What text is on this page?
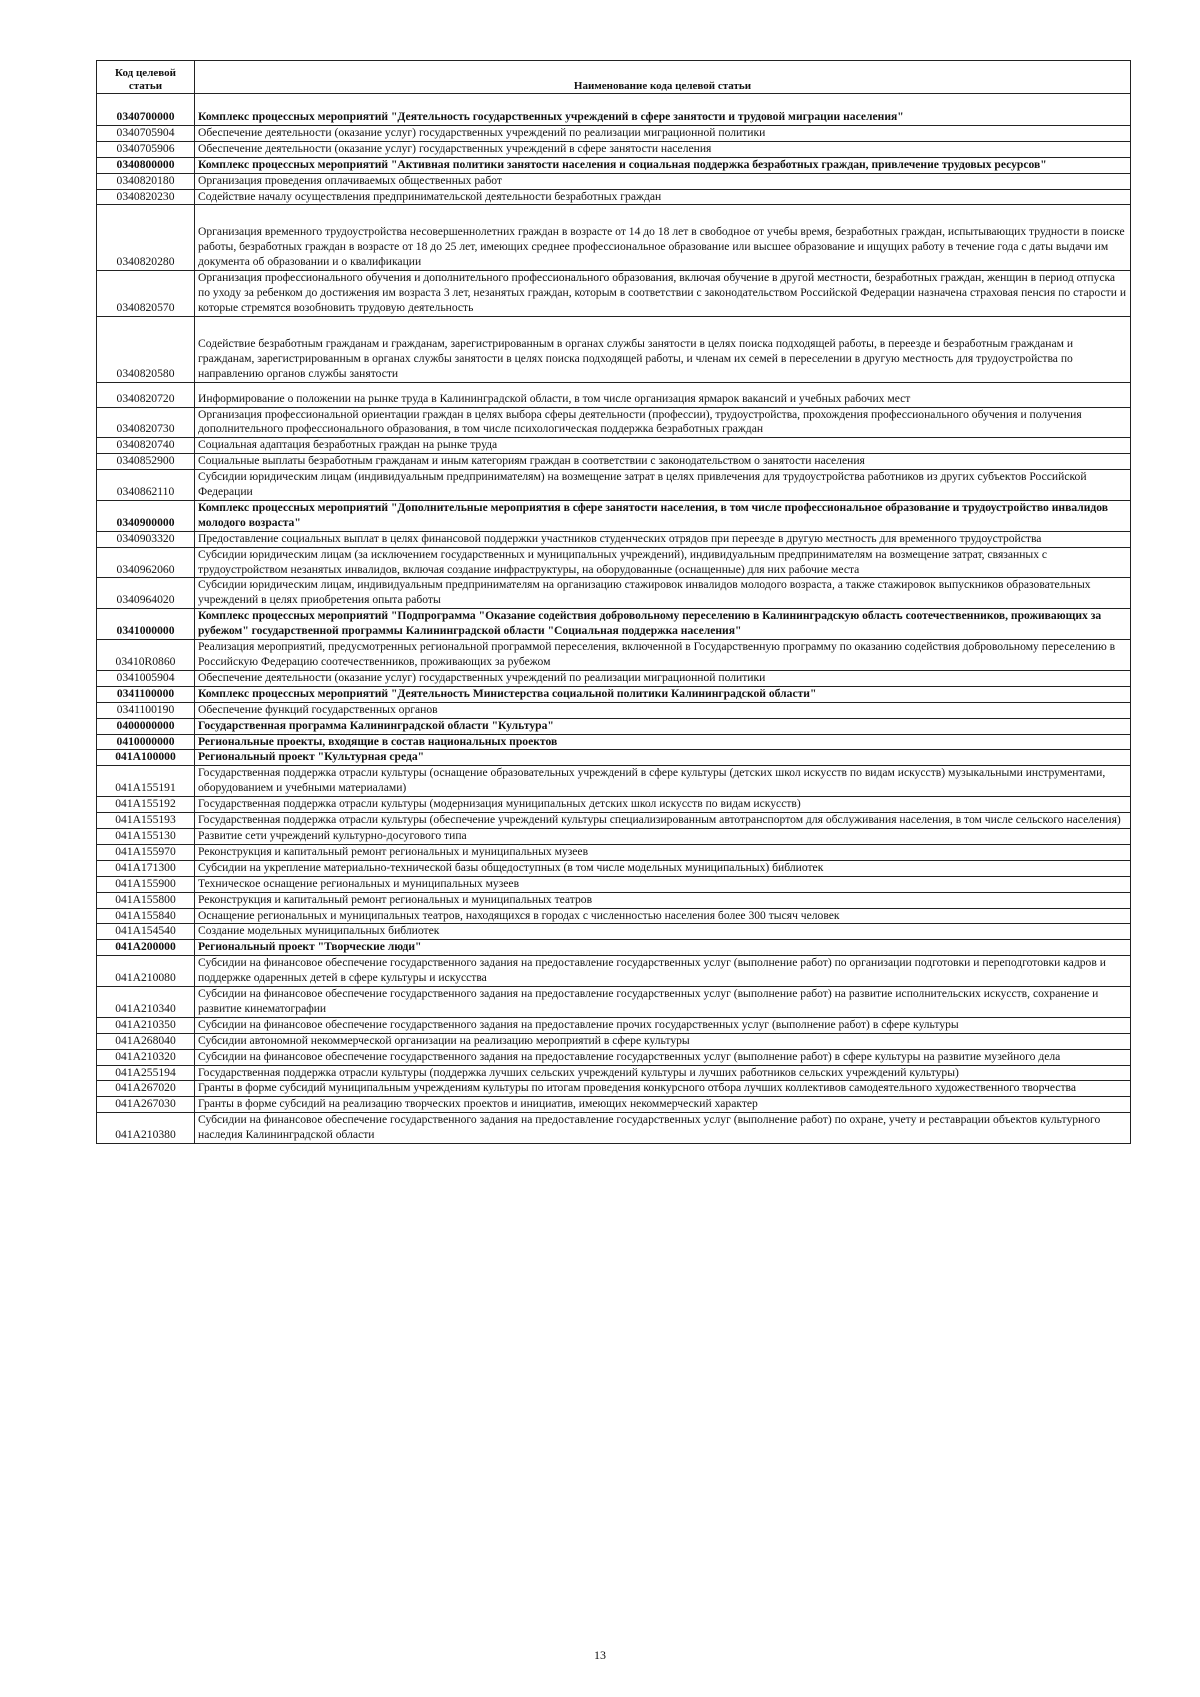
Код целевой статьи	Наименование кода целевой статьи
0340700000	Комплекс процессных мероприятий "Деятельность государственных учреждений в сфере занятости и трудовой миграции населения"
0340705904	Обеспечение деятельности (оказание услуг) государственных учреждений по реализации миграционной политики
0340705906	Обеспечение деятельности (оказание услуг) государственных учреждений в сфере занятости населения
0340800000	Комплекс процессных мероприятий "Активная политики занятости населения и социальная поддержка безработных граждан, привлечение трудовых ресурсов"
0340820180	Организация проведения оплачиваемых общественных работ
0340820230	Содействие началу осуществления предпринимательской деятельности безработных граждан
0340820280	Организация временного трудоустройства несовершеннолетних граждан в возрасте от 14 до 18 лет в свободное от учебы время, безработных граждан, испытывающих трудности в поиске работы, безработных граждан в возрасте от 18 до 25 лет, имеющих среднее профессиональное образование или высшее образование и ищущих работу в течение года с даты выдачи им документа об образовании и о квалификации
0340820570	Организация профессионального обучения и дополнительного профессионального образования, включая обучение в другой местности, безработных граждан, женщин в период отпуска по уходу за ребенком до достижения им возраста 3 лет, незанятых граждан, которым в соответствии с законодательством Российской Федерации назначена страховая пенсия по старости и которые стремятся возобновить трудовую деятельность
0340820580	Содействие безработным гражданам и гражданам, зарегистрированным в органах службы занятости в целях поиска подходящей работы, в переезде и безработным гражданам и гражданам, зарегистрированным в органах службы занятости в целях поиска подходящей работы, и членам их семей в переселении в другую местность для трудоустройства по направлению органов службы занятости
0340820720	Информирование о положении на рынке труда в Калининградской области, в том числе организация ярмарок вакансий и учебных рабочих мест
0340820730	Организация профессиональной ориентации граждан в целях выбора сферы деятельности (профессии), трудоустройства, прохождения профессионального обучения и получения дополнительного профессионального образования, в том числе психологическая поддержка безработных граждан
0340820740	Социальная адаптация безработных граждан на рынке труда
0340852900	Социальные выплаты безработным гражданам и иным категориям граждан в соответствии с законодательством о занятости населения
0340862110	Субсидии юридическим лицам (индивидуальным предпринимателям) на возмещение затрат в целях привлечения для трудоустройства работников из других субъектов Российской Федерации
0340900000	Комплекс процессных мероприятий "Дополнительные мероприятия в сфере занятости населения, в том числе профессиональное образование и трудоустройство инвалидов молодого возраста"
0340903320	Предоставление социальных выплат в целях финансовой поддержки участников студенческих отрядов при переезде в другую местность для временного трудоустройства
0340962060	Субсидии юридическим лицам (за исключением государственных и муниципальных учреждений), индивидуальным предпринимателям на возмещение затрат, связанных с трудоустройством незанятых инвалидов, включая создание инфраструктуры, на оборудованные (оснащенные) для них рабочие места
0340964020	Субсидии юридическим лицам, индивидуальным предпринимателям на организацию стажировок инвалидов молодого возраста, а также стажировок выпускников образовательных учреждений в целях приобретения опыта работы
0341000000	Комплекс процессных мероприятий "Подпрограмма "Оказание содействия добровольному переселению в Калининградскую область соотечественников, проживающих за рубежом" государственной программы Калининградской области "Социальная поддержка населения"
03410R0860	Реализация мероприятий, предусмотренных региональной программой переселения, включенной в Государственную программу по оказанию содействия добровольному переселению в Российскую Федерацию соотечественников, проживающих за рубежом
0341005904	Обеспечение деятельности (оказание услуг) государственных учреждений по реализации миграционной политики
0341100000	Комплекс процессных мероприятий "Деятельность Министерства социальной политики Калининградской области"
0341100190	Обеспечение функций государственных органов
0400000000	Государственная программа Калининградской области "Культура"
0410000000	Региональные проекты, входящие в состав национальных проектов
041A100000	Региональный проект "Культурная среда"
041A155191	Государственная поддержка отрасли культуры (оснащение образовательных учреждений в сфере культуры (детских школ искусств по видам искусств) музыкальными инструментами, оборудованием и учебными материалами)
041A155192	Государственная поддержка отрасли культуры (модернизация муниципальных детских школ искусств по видам искусств)
041A155193	Государственная поддержка отрасли культуры (обеспечение учреждений культуры специализированным автотранспортом для обслуживания населения, в том числе сельского населения)
041A155130	Развитие сети учреждений культурно-досугового типа
041A155970	Реконструкция и капитальный ремонт региональных и муниципальных музеев
041A171300	Субсидии на укрепление материально-технической базы общедоступных (в том числе модельных муниципальных) библиотек
041A155900	Техническое оснащение региональных и муниципальных музеев
041A155800	Реконструкция и капитальный ремонт региональных и муниципальных театров
041A155840	Оснащение региональных и муниципальных театров, находящихся в городах с численностью населения более 300 тысяч человек
041A154540	Создание модельных муниципальных библиотек
041A200000	Региональный проект "Творческие люди"
041A210080	Субсидии на финансовое обеспечение государственного задания на предоставление государственных услуг (выполнение работ) по организации подготовки и переподготовки кадров и поддержке одаренных детей в сфере культуры и искусства
041A210340	Субсидии на финансовое обеспечение государственного задания на предоставление государственных услуг (выполнение работ) на развитие исполнительских искусств, сохранение и развитие кинематографии
041A210350	Субсидии на финансовое обеспечение государственного задания на предоставление прочих государственных услуг (выполнение работ) в сфере культуры
041A268040	Субсидии автономной некоммерческой организации на реализацию мероприятий в сфере культуры
041A210320	Субсидии на финансовое обеспечение государственного задания на предоставление государственных услуг (выполнение работ) в сфере культуры на развитие музейного дела
041A255194	Государственная поддержка отрасли культуры (поддержка лучших сельских учреждений культуры и лучших работников сельских учреждений культуры)
041A267020	Гранты в форме субсидий муниципальным учреждениям культуры по итогам проведения конкурсного отбора лучших коллективов самодеятельного художественного творчества
041A267030	Гранты в форме субсидий на реализацию творческих проектов и инициатив, имеющих некоммерческий характер
041A210380	Субсидии на финансовое обеспечение государственного задания на предоставление государственных услуг (выполнение работ) по охране, учету и реставрации объектов культурного наследия Калининградской области
13
